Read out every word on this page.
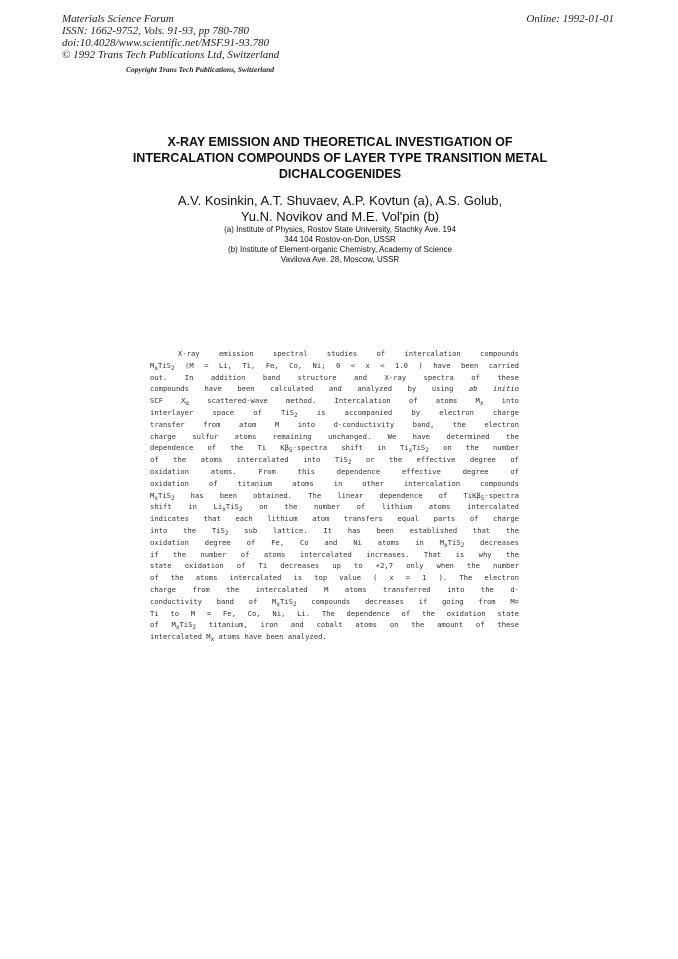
Materials Science Forum
ISSN: 1662-9752, Vols. 91-93, pp 780-780
doi:10.4028/www.scientific.net/MSF.91-93.780
© 1992 Trans Tech Publications Ltd, Switzerland
Online: 1992-01-01
Copyright Trans Tech Publications, Switzerland
X-RAY EMISSION AND THEORETICAL INVESTIGATION OF
INTERCALATION COMPOUNDS OF LAYER TYPE TRANSITION METAL
DICHALCOGENIDES
A.V. Kosinkin, A.T. Shuvaev, A.P. Kovtun (a), A.S. Golub,
Yu.N. Novikov and M.E. Vol'pin (b)
(a) Institute of Physics, Rostov State University, Stachky Ave. 194
344 104 Rostov-on-Don, USSR
(b) Institute of Element-organic Chemistry, Academy of Science
Vavilova Ave. 28, Moscow, USSR
X-ray emission spectral studies of intercalation compounds
$M_xTiS_2$ (M = Li, Ti, Fe, Co, Ni; 0 < x < 1.0 ) have been carried
out. In addition band structure and X-ray spectra of these
compounds have been calculated and analyzed by using ab initio
SCF $X_\alpha$ scattered-wave method. Intercalation of atoms $M_x$ into
interlayer space of TiS$_2$ is accompanied by electron charge
transfer from atom M into d-conductivity band, the electron
charge sulfur atoms remaining unchanged. We have determined the
dependence of the Ti $K\beta_5$-spectra shift in $Ti_xTiS_2$ on the number
of the atoms intercalated into TiS$_2$ or the effective degree of
oxidation atoms. From this dependence effective degree of
oxidation of titanium atoms in other intercalation compounds
$M_xTiS_2$ has been obtained. The linear dependence of TiKβ$_5$-spectra
shift in $Li_xTiS_2$ on the number of lithium atoms intercalated
indicates that each lithium atom transfers equal parts of charge
into the TiS$_2$ sub lattice. It has been established that the
oxidation degree of Fe, Co and Ni atoms in $M_xTiS_2$ decreases
if the number of atoms intercalated increases. That is why the
state oxidation of Ti decreases up to +2,7 only when the number
of the atoms intercalated is top value ( x = 1 ). The electron
charge from the intercalated M atoms transferred into the d-
conductivity band of $M_xTiS_2$ compounds decreases if going from M=
Ti to M = Fe, Co, Ni, Li. The dependence of the oxidation state
of $M_xTiS_2$ titanium, iron and cobalt atoms on the amount of these
intercalated $M_x$ atoms have been analyzed.
